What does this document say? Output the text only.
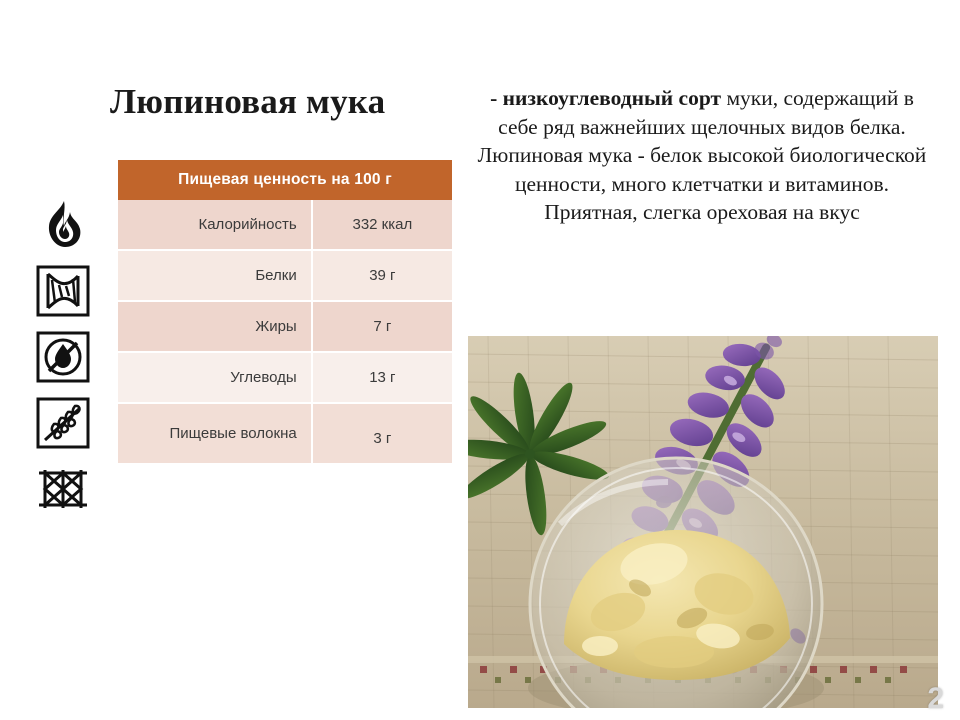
Люпиновая мука
Пищевая ценность на 100 г	
Калорийность	332 ккал
Белки	39 г
Жиры	7 г
Углеводы	13 г
Пищевые волокна	3 г
- низкоуглеводный сорт муки, содержащий в себе ряд важнейших щелочных видов белка. Люпиновая мука - белок высокой биологической ценности, много клетчатки и витаминов. Приятная, слегка ореховая на вкус
2
